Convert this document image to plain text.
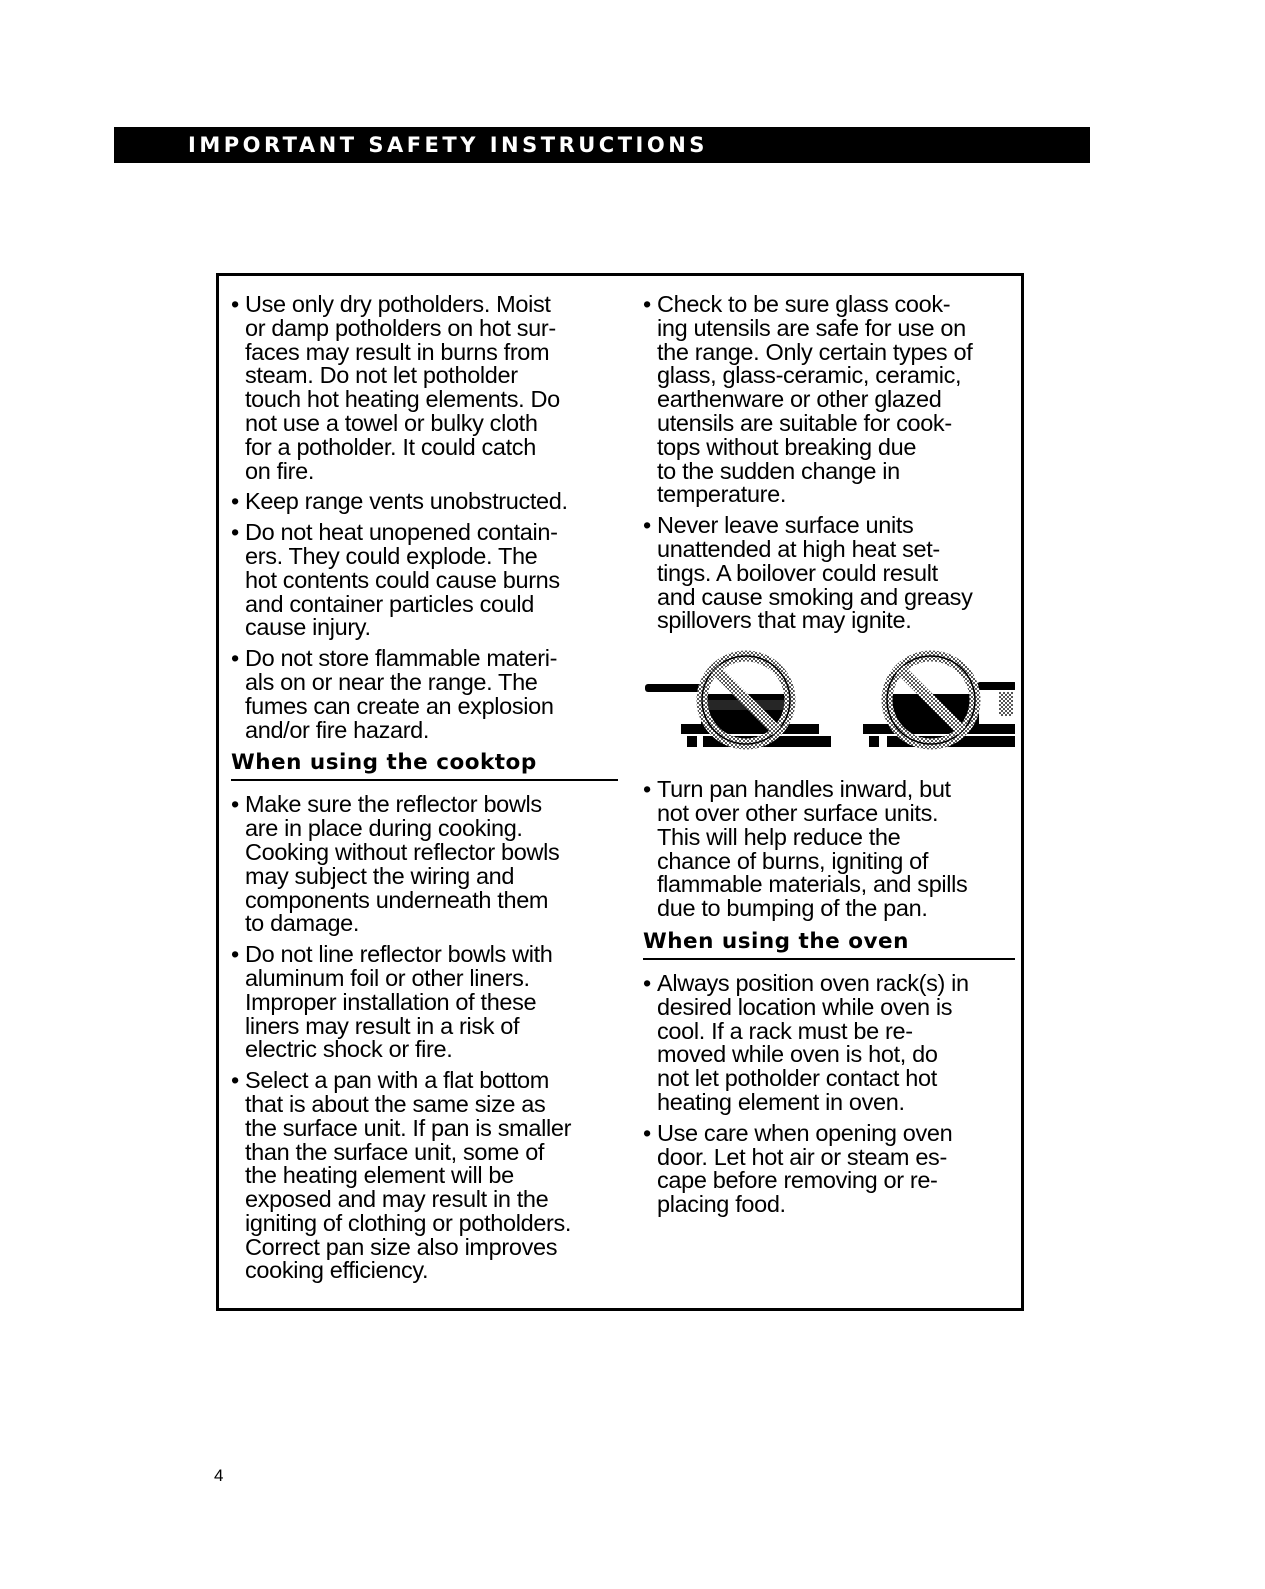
IMPORTANT SAFETY INSTRUCTIONS
• Use only dry potholders. Moist
or damp potholders on hot sur-
faces may result in burns from
steam. Do not let potholder
touch hot heating elements. Do
not use a towel or bulky cloth
for a potholder. It could catch
on fire.
• Keep range vents unobstructed.
• Do not heat unopened contain-
ers. They could explode. The
hot contents could cause burns
and container particles could
cause injury.
• Do not store flammable materi-
als on or near the range. The
fumes can create an explosion
and/or fire hazard.
When using the cooktop
• Make sure the reflector bowls
are in place during cooking.
Cooking without reflector bowls
may subject the wiring and
components underneath them
to damage.
• Do not line reflector bowls with
aluminum foil or other liners.
Improper installation of these
liners may result in a risk of
electric shock or fire.
• Select a pan with a flat bottom
that is about the same size as
the surface unit. If pan is smaller
than the surface unit, some of
the heating element will be
exposed and may result in the
igniting of clothing or potholders.
Correct pan size also improves
cooking efficiency.
• Check to be sure glass cook-
ing utensils are safe for use on
the range. Only certain types of
glass, glass-ceramic, ceramic,
earthenware or other glazed
utensils are suitable for cook-
tops without breaking due
to the sudden change in
temperature.
• Never leave surface units
unattended at high heat set-
tings. A boilover could result
and cause smoking and greasy
spillovers that may ignite.
• Turn pan handles inward, but
not over other surface units.
This will help reduce the
chance of burns, igniting of
flammable materials, and spills
due to bumping of the pan.
When using the oven
• Always position oven rack(s) in
desired location while oven is
cool. If a rack must be re-
moved while oven is hot, do
not let potholder contact hot
heating element in oven.
• Use care when opening oven
door. Let hot air or steam es-
cape before removing or re-
placing food.
4
